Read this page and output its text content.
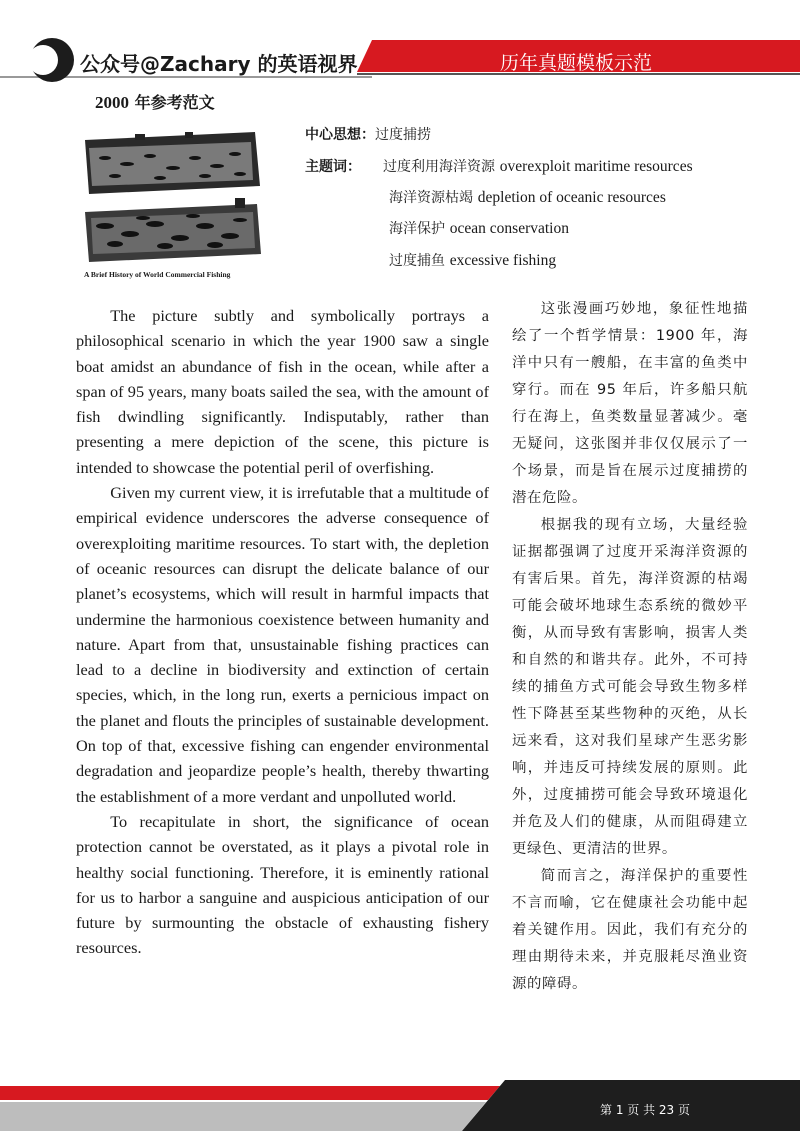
公众号@Zachary 的英语视界	历年真题模板示范
2000 年参考范文
A Brief History of World Commercial Fishing
中心思想：过度捕捞
主题词： 过度利用海洋资源 overexploit maritime resources
海洋资源枯竭 depletion of oceanic resources
海洋保护 ocean conservation
过度捕鱼 excessive fishing

The picture subtly and symbolically portrays a philosophical scenario in which the year 1900 saw a single boat amidst an abundance of fish in the ocean, while after a span of 95 years, many boats sailed the sea, with the amount of fish dwindling significantly. Indisputably, rather than presenting a mere depiction of the scene, this picture is intended to showcase the potential peril of overfishing.

Given my current view, it is irrefutable that a multitude of empirical evidence underscores the adverse consequence of overexploiting maritime resources. To start with, the depletion of oceanic resources can disrupt the delicate balance of our planet’s ecosystems, which will result in harmful impacts that undermine the harmonious coexistence between humanity and nature. Apart from that, unsustainable fishing practices can lead to a decline in biodiversity and extinction of certain species, which, in the long run, exerts a pernicious impact on the planet and flouts the principles of sustainable development. On top of that, excessive fishing can engender environmental degradation and jeopardize people’s health, thereby thwarting the establishment of a more verdant and unpolluted world.

To recapitulate in short, the significance of ocean protection cannot be overstated, as it plays a pivotal role in healthy social functioning. Therefore, it is eminently rational for us to harbor a sanguine and auspicious anticipation of our future by surmounting the obstacle of exhausting fishery resources.

这张漫画巧妙地，象征性地描绘了一个哲学情景：1900 年，海洋中只有一艘船，在丰富的鱼类中穿行。而在 95 年后，许多船只航行在海上，鱼类数量显著减少。毫无疑问，这张图并非仅仅展示了一个场景，而是旨在展示过度捕捞的潜在危险。

根据我的现有立场，大量经验证据都强调了过度开采海洋资源的有害后果。首先，海洋资源的枯竭可能会破坏地球生态系统的微妙平衡，从而导致有害影响，损害人类和自然的和谐共存。此外，不可持续的捕鱼方式可能会导致生物多样性下降甚至某些物种的灭绝，从长远来看，这对我们星球产生恶劣影响，并违反可持续发展的原则。此外，过度捕捞可能会导致环境退化并危及人们的健康，从而阻碍建立更绿色、更清洁的世界。

简而言之，海洋保护的重要性不言而喻，它在健康社会功能中起着关键作用。因此，我们有充分的理由期待未来，并克服耗尽渔业资源的障碍。

第 1 页 共 23 页
